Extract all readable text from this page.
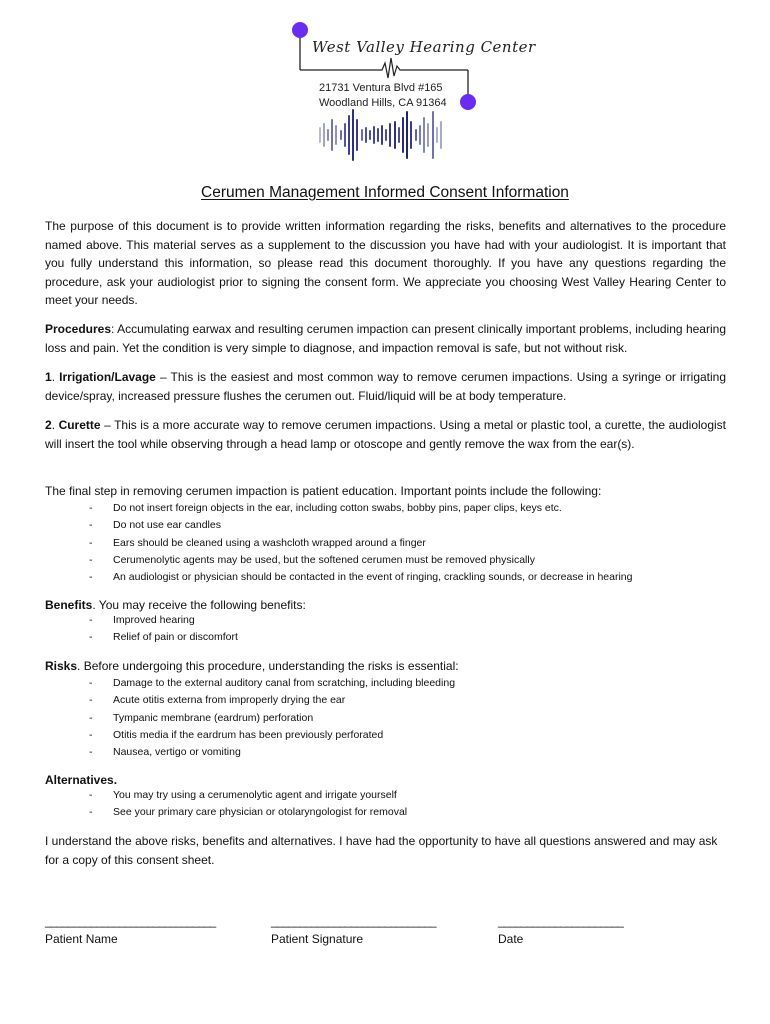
West Valley Hearing Center
21731 Ventura Blvd #165
Woodland Hills, CA 91364
Cerumen Management Informed Consent Information

The purpose of this document is to provide written information regarding the risks, benefits and alternatives to the procedure named above. This material serves as a supplement to the discussion you have had with your audiologist. It is important that you fully understand this information, so please read this document thoroughly. If you have any questions regarding the procedure, ask your audiologist prior to signing the consent form. We appreciate you choosing West Valley Hearing Center to meet your needs.

Procedures: Accumulating earwax and resulting cerumen impaction can present clinically important problems, including hearing loss and pain. Yet the condition is very simple to diagnose, and impaction removal is safe, but not without risk.

1. Irrigation/Lavage – This is the easiest and most common way to remove cerumen impactions. Using a syringe or irrigating device/spray, increased pressure flushes the cerumen out. Fluid/liquid will be at body temperature.

2. Curette – This is a more accurate way to remove cerumen impactions. Using a metal or plastic tool, a curette, the audiologist will insert the tool while observing through a head lamp or otoscope and gently remove the wax from the ear(s).

The final step in removing cerumen impaction is patient education. Important points include the following:

- Do not insert foreign objects in the ear, including cotton swabs, bobby pins, paper clips, keys etc.
- Do not use ear candles
- Ears should be cleaned using a washcloth wrapped around a finger
- Cerumenolytic agents may be used, but the softened cerumen must be removed physically
- An audiologist or physician should be contacted in the event of ringing, crackling sounds, or decrease in hearing

Benefits. You may receive the following benefits:

- Improved hearing
- Relief of pain or discomfort

Risks. Before undergoing this procedure, understanding the risks is essential:

- Damage to the external auditory canal from scratching, including bleeding
- Acute otitis externa from improperly drying the ear
- Tympanic membrane (eardrum) perforation
- Otitis media if the eardrum has been previously perforated
- Nausea, vertigo or vomiting

Alternatives.

- You may try using a cerumenolytic agent and irrigate yourself
- See your primary care physician or otolaryngologist for removal

I understand the above risks, benefits and alternatives. I have had the opportunity to have all questions answered and may ask for a copy of this consent sheet.

______________________________
Patient Name
_____________________________
Patient Signature
______________________
Date
